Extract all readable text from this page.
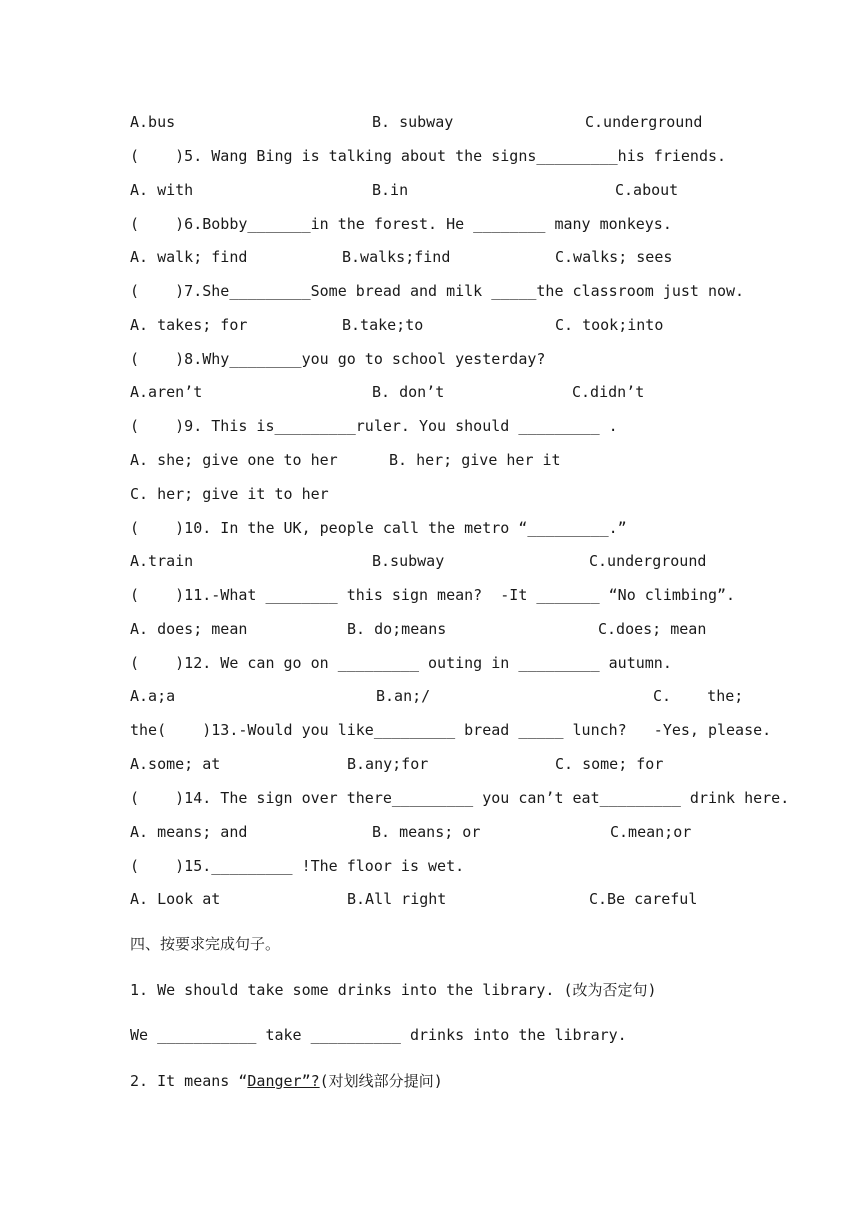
A.bus	B. subway	C.underground
(    )5. Wang Bing is talking about the signs_________his friends.
A. with	B.in	C.about
(    )6.Bobby_______in the forest. He ________ many monkeys.
A. walk; find	B.walks;find	C.walks; sees
(    )7.She_________Some bread and milk _____the classroom just now.
A. takes; for	B.take;to	C. took;into
(    )8.Why________you go to school yesterday?
A.aren’t	B. don’t	C.didn’t
(    )9. This is_________ruler. You should _________ .
A. she; give one to her	B. her; give her it
C. her; give it to her
(    )10. In the UK, people call the metro “_________.”
A.train	B.subway	C.underground
(    )11.-What ________ this sign mean?  -It _______ “No climbing”.
A. does; mean	B. do;means	C.does; mean
(    )12. We can go on _________ outing in _________ autumn.
A.a;a	B.an;/	C.    the;
the(    )13.-Would you like_________ bread _____ lunch?   -Yes, please.
A.some; at	B.any;for	C. some; for
(    )14. The sign over there_________ you can’t eat_________ drink here.
A. means; and	B. means; or	C.mean;or
(    )15._________ !The floor is wet.
A. Look at	B.All right	C.Be careful
四、按要求完成句子。
1. We should take some drinks into the library. (改为否定句)
We ___________ take __________ drinks into the library.
2. It means “Danger”?(对划线部分提问)
